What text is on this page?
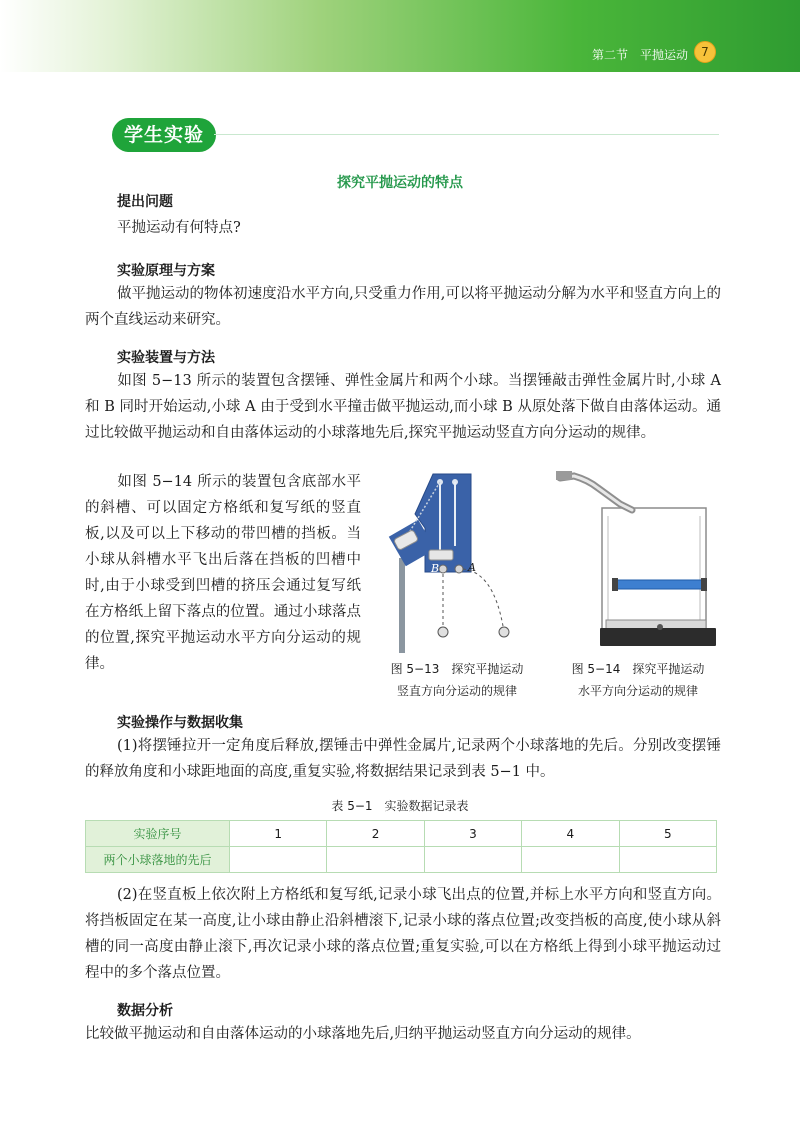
第二节 平抛运动	7
学生实验
探究平抛运动的特点
提出问题
平抛运动有何特点?
实验原理与方案
做平抛运动的物体初速度沿水平方向,只受重力作用,可以将平抛运动分解为水平和竖直方向上的两个直线运动来研究。
实验装置与方法
如图 5−13 所示的装置包含摆锤、弹性金属片和两个小球。当摆锤敲击弹性金属片时,小球 A 和 B 同时开始运动,小球 A 由于受到水平撞击做平抛运动,而小球 B 从原处落下做自由落体运动。通过比较做平抛运动和自由落体运动的小球落地先后,探究平抛运动竖直方向分运动的规律。
如图 5−14 所示的装置包含底部水平的斜槽、可以固定方格纸和复写纸的竖直板,以及可以上下移动的带凹槽的挡板。当小球从斜槽水平飞出后落在挡板的凹槽中时,由于小球受到凹槽的挤压会通过复写纸在方格纸上留下落点的位置。通过小球落点的位置,探究平抛运动水平方向分运动的规律。
B	A
图 5−13　探究平抛运动
竖直方向分运动的规律
图 5−14　探究平抛运动
水平方向分运动的规律
实验操作与数据收集
(1)将摆锤拉开一定角度后释放,摆锤击中弹性金属片,记录两个小球落地的先后。分别改变摆锤的释放角度和小球距地面的高度,重复实验,将数据结果记录到表 5−1 中。
表 5−1　实验数据记录表
实验序号	1	2	3	4	5
两个小球落地的先后					
(2)在竖直板上依次附上方格纸和复写纸,记录小球飞出点的位置,并标上水平方向和竖直方向。将挡板固定在某一高度,让小球由静止沿斜槽滚下,记录小球的落点位置;改变挡板的高度,使小球从斜槽的同一高度由静止滚下,再次记录小球的落点位置;重复实验,可以在方格纸上得到小球平抛运动过程中的多个落点位置。
数据分析
比较做平抛运动和自由落体运动的小球落地先后,归纳平抛运动竖直方向分运动的规律。
